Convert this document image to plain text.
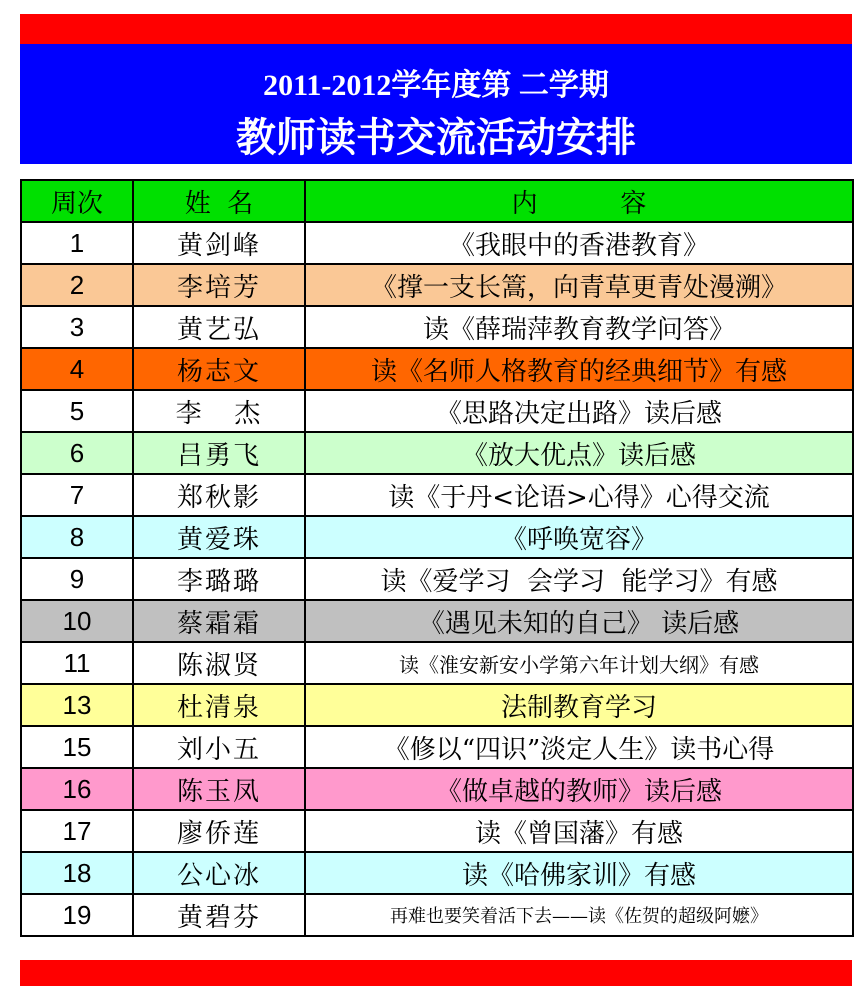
2011-2012学年度第 二学期
教师读书交流活动安排
周次	姓  名	内          容
1	黄剑峰	《我眼中的香港教育》
2	李培芳	《撑一支长篙，向青草更青处漫溯》
3	黄艺弘	读《薛瑞萍教育教学问答》
4	杨志文	读《名师人格教育的经典细节》有感
5	李   杰	《思路决定出路》读后感
6	吕勇飞	《放大优点》读后感
7	郑秋影	读《于丹<论语>心得》心得交流
8	黄爱珠	《呼唤宽容》
9	李璐璐	读《爱学习  会学习  能学习》有感
10	蔡霜霜	《遇见未知的自己》 读后感
11	陈淑贤	读《淮安新安小学第六年计划大纲》有感
13	杜清泉	法制教育学习
15	刘小五	《修以“四识”淡定人生》读书心得
16	陈玉凤	《做卓越的教师》读后感
17	廖侨莲	读《曾国藩》有感
18	公心冰	读《哈佛家训》有感
19	黄碧芬	再难也要笑着活下去——读《佐贺的超级阿嬷》
